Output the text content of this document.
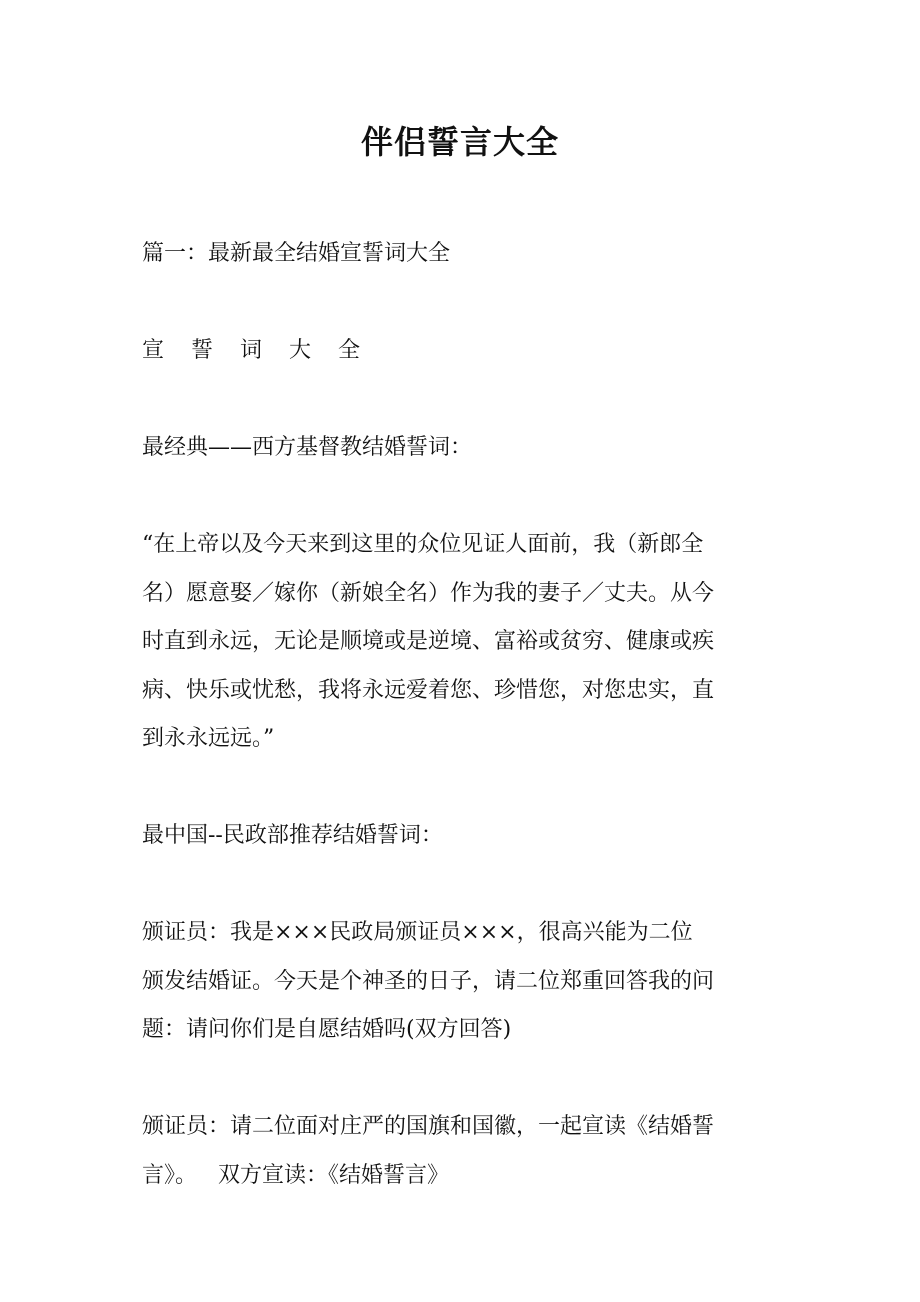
伴侣誓言大全

篇一：最新最全结婚宣誓词大全

宣誓词大全

最经典——西方基督教结婚誓词：

“在上帝以及今天来到这里的众位见证人面前，我（新郎全
名）愿意娶／嫁你（新娘全名）作为我的妻子／丈夫。从今
时直到永远，无论是顺境或是逆境、富裕或贫穷、健康或疾
病、快乐或忧愁，我将永远爱着您、珍惜您，对您忠实，直
到永永远远。”

最中国--民政部推荐结婚誓词：

颁证员：我是×××民政局颁证员×××，很高兴能为二位
颁发结婚证。今天是个神圣的日子，请二位郑重回答我的问
题：请问你们是自愿结婚吗(双方回答)
颁证员：请二位面对庄严的国旗和国徽，一起宣读《结婚誓
言》。   双方宣读：《结婚誓言》
